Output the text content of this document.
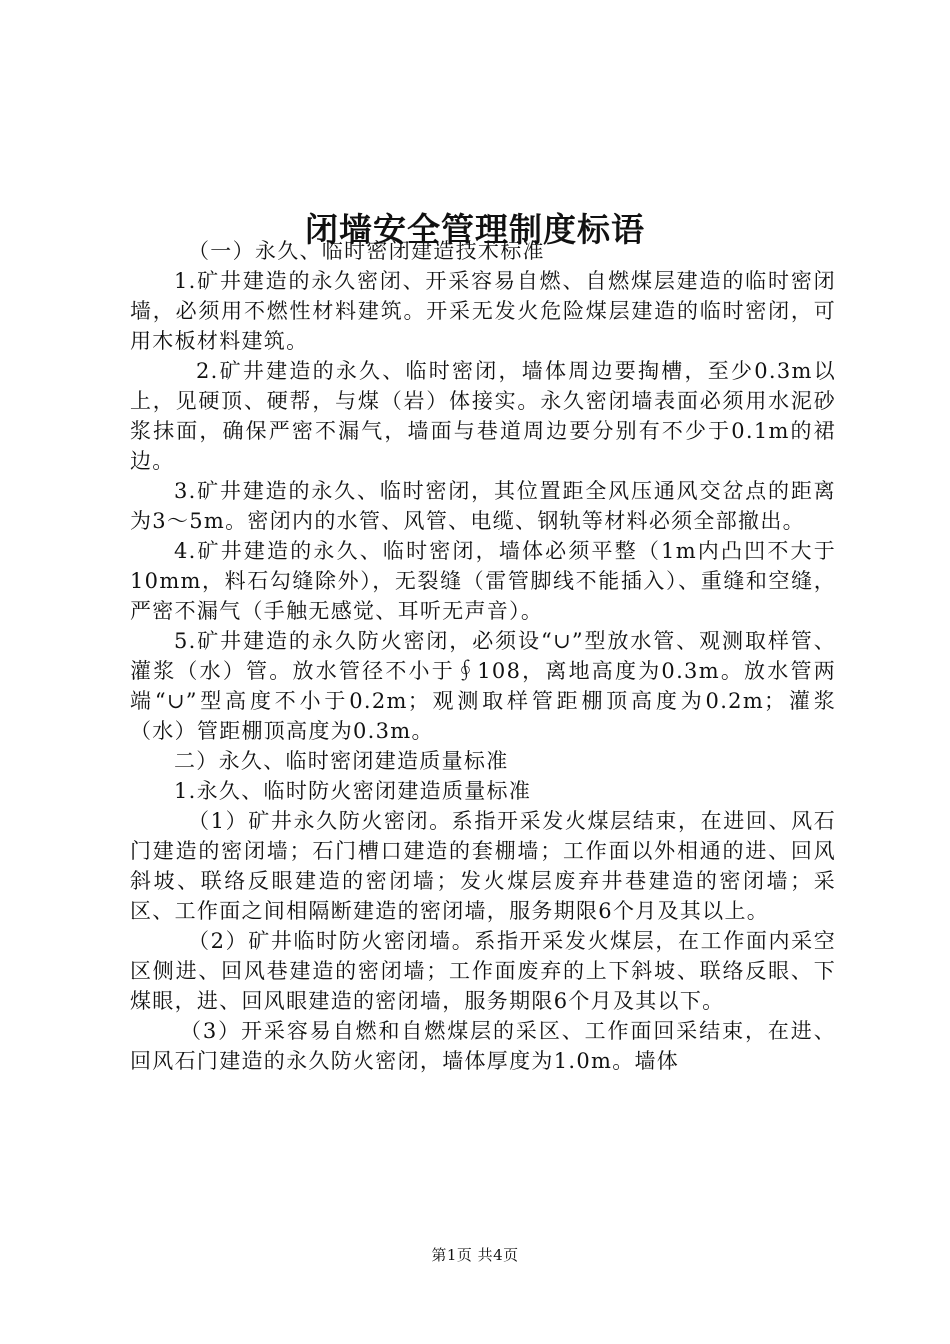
闭墙安全管理制度标语

（一）永久、临时密闭建造技术标准

1.矿井建造的永久密闭、开采容易自燃、自燃煤层建造的临时密闭墙，必须用不燃性材料建筑。开采无发火危险煤层建造的临时密闭，可用木板材料建筑。

2.矿井建造的永久、临时密闭，墙体周边要掏槽，至少0.3m以上，见硬顶、硬帮，与煤（岩）体接实。永久密闭墙表面必须用水泥砂浆抹面，确保严密不漏气，墙面与巷道周边要分别有不少于0.1m的裙边。

3.矿井建造的永久、临时密闭，其位置距全风压通风交岔点的距离为3～5m。密闭内的水管、风管、电缆、钢轨等材料必须全部撤出。

4.矿井建造的永久、临时密闭，墙体必须平整（1m内凸凹不大于10mm，料石勾缝除外），无裂缝（雷管脚线不能插入）、重缝和空缝，严密不漏气（手触无感觉、耳听无声音）。

5.矿井建造的永久防火密闭，必须设“∪”型放水管、观测取样管、灌浆（水）管。放水管径不小于∮108，离地高度为0.3m。放水管两端“∪”型高度不小于0.2m；观测取样管距棚顶高度为0.2m；灌浆（水）管距棚顶高度为0.3m。

二）永久、临时密闭建造质量标准

1.永久、临时防火密闭建造质量标准

（1）矿井永久防火密闭。系指开采发火煤层结束，在进回、风石门建造的密闭墙；石门槽口建造的套棚墙；工作面以外相通的进、回风斜坡、联络反眼建造的密闭墙；发火煤层废弃井巷建造的密闭墙；采区、工作面之间相隔断建造的密闭墙，服务期限6个月及其以上。

（2）矿井临时防火密闭墙。系指开采发火煤层，在工作面内采空区侧进、回风巷建造的密闭墙；工作面废弃的上下斜坡、联络反眼、下煤眼，进、回风眼建造的密闭墙，服务期限6个月及其以下。

（3）开采容易自燃和自燃煤层的采区、工作面回采结束，在进、回风石门建造的永久防火密闭，墙体厚度为1.0m。墙体

第1页 共4页
